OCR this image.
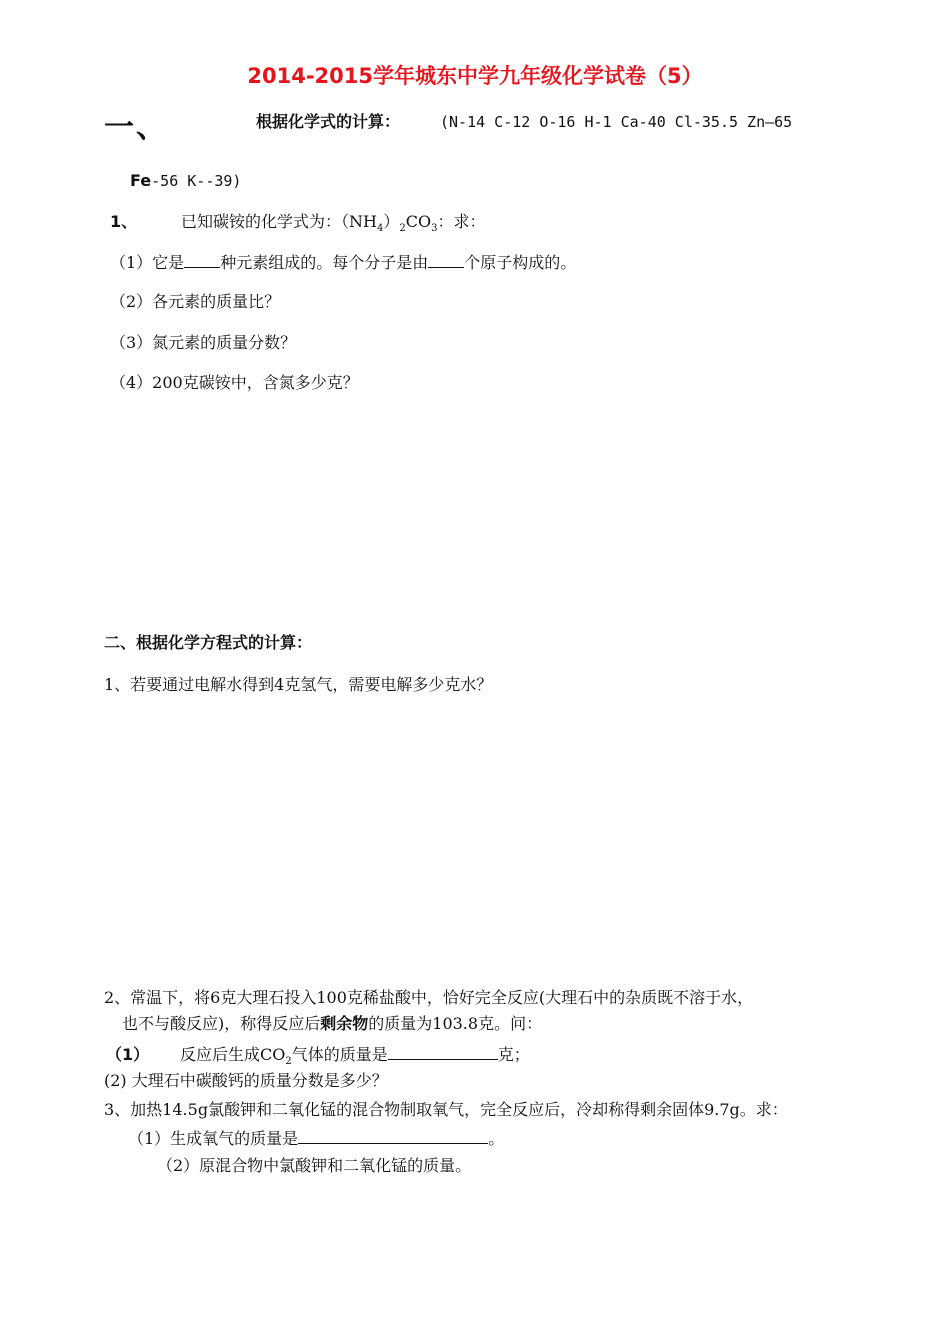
2014-2015学年城东中学九年级化学试卷（5）
一、	根据化学式的计算：	(N-14 C-12 O-16 H-1 Ca-40 Cl-35.5 Zn—65
Fe-56 K--39)
1、	已知碳铵的化学式为：$(NH_4)_2CO_3$：求：
（1）它是 种元素组成的。每个分子是由 个原子构成的。
（2）各元素的质量比？
（3）氮元素的质量分数？
（4）200克碳铵中，含氮多少克？
二、根据化学方程式的计算：
1、若要通过电解水得到4克氢气，需要电解多少克水？
2、常温下，将6克大理石投入100克稀盐酸中，恰好完全反应(大理石中的杂质既不溶于水，
也不与酸反应)，称得反应后剩余物的质量为103.8克。问：
（1） 反应后生成$CO_2$气体的质量是	克；
(2) 大理石中碳酸钙的质量分数是多少？
3、加热14.5g氯酸钾和二氧化锰的混合物制取氧气，完全反应后，冷却称得剩余固体9.7g。求：
（1）生成氧气的质量是	。
（2）原混合物中氯酸钾和二氧化锰的质量。
